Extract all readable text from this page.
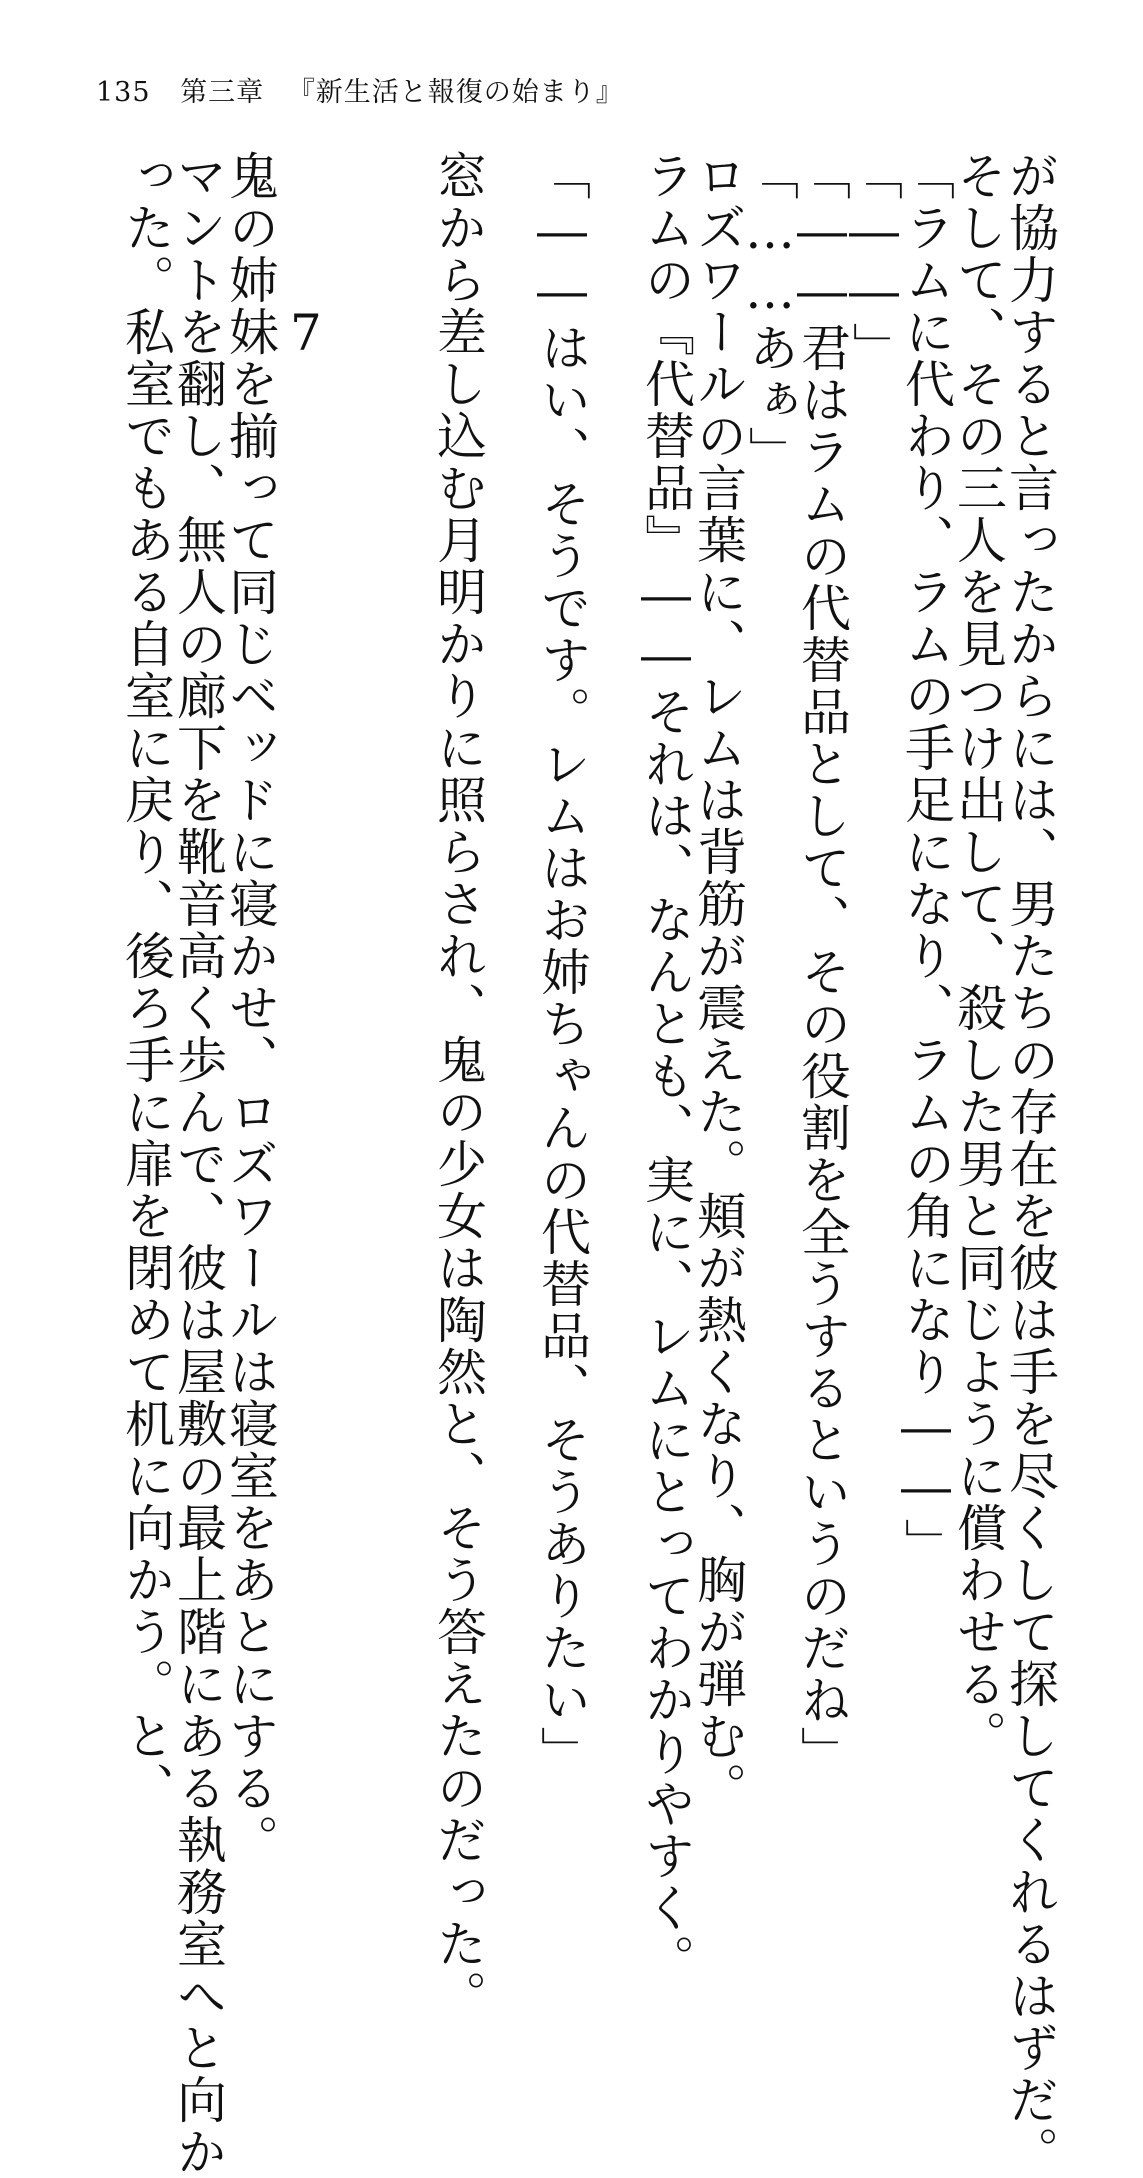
135 第三章 『新生活と報復の始まり』
が協力すると言ったからには、男たちの存在を彼は手を尽くして探してくれるはずだ。
そして、その三人を見つけ出して、殺した男と同じように償わせる。
「ラムに代わり、ラムの手足になり、ラムの角になり――」
「――」
「――君はラムの代替品として、その役割を全うするというのだね」
「……あぁ」
ロズワールの言葉に、レムは背筋が震えた。頬が熱くなり、胸が弾む。
ラムの『代替品』――それは、なんとも、実に、レムにとってわかりやすく。
「――はい、そうです。レムはお姉ちゃんの代替品、そうありたい」
窓から差し込む月明かりに照らされ、鬼の少女は陶然と、そう答えたのだった。
鬼の姉妹を揃って同じベッドに寝かせ、ロズワールは寝室をあとにする。
マントを翻し、無人の廊下を靴音高く歩んで、彼は屋敷の最上階にある執務室へと向か
った。私室でもある自室に戻り、後ろ手に扉を閉めて机に向かう。と、 7
